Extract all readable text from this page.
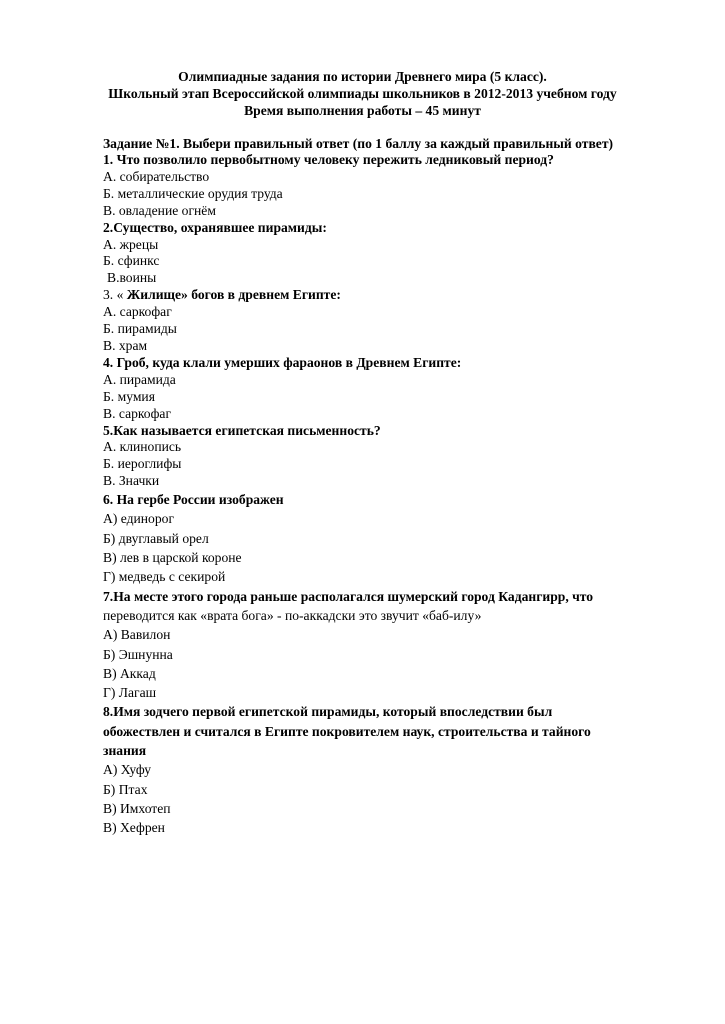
Олимпиадные задания по истории Древнего мира (5 класс).
Школьный этап Всероссийской олимпиады школьников в 2012-2013 учебном году
Время выполнения работы – 45 минут
Задание №1. Выбери правильный ответ (по 1 баллу за каждый правильный ответ)
1. Что позволило первобытному человеку пережить ледниковый период?
А. собирательство
Б. металлические орудия труда
В. овладение огнём
2.Существо, охранявшее пирамиды:
А. жрецы
Б. сфинкс
В.воины
3. « Жилище» богов в древнем Египте:
А. саркофаг
Б. пирамиды
В. храм
4. Гроб, куда клали умерших фараонов в Древнем Египте:
А. пирамида
Б. мумия
В. саркофаг
5.Как называется египетская письменность?
А. клинопись
Б. иероглифы
В. Значки
6. На гербе России изображен
А) единорог
Б) двуглавый орел
В) лев в царской короне
Г) медведь с секирой
7.На месте этого города раньше располагался шумерский город Кадангирр, что
переводится как «врата бога» - по-аккадски это звучит «баб-илу»
А) Вавилон
Б) Эшнунна
В) Аккад
Г) Лагаш
8.Имя зодчего первой египетской пирамиды, который впоследствии был
обожествлен и считался в Египте покровителем наук, строительства и тайного
знания
А) Хуфу
Б) Птах
В) Имхотеп
В) Хефрен
